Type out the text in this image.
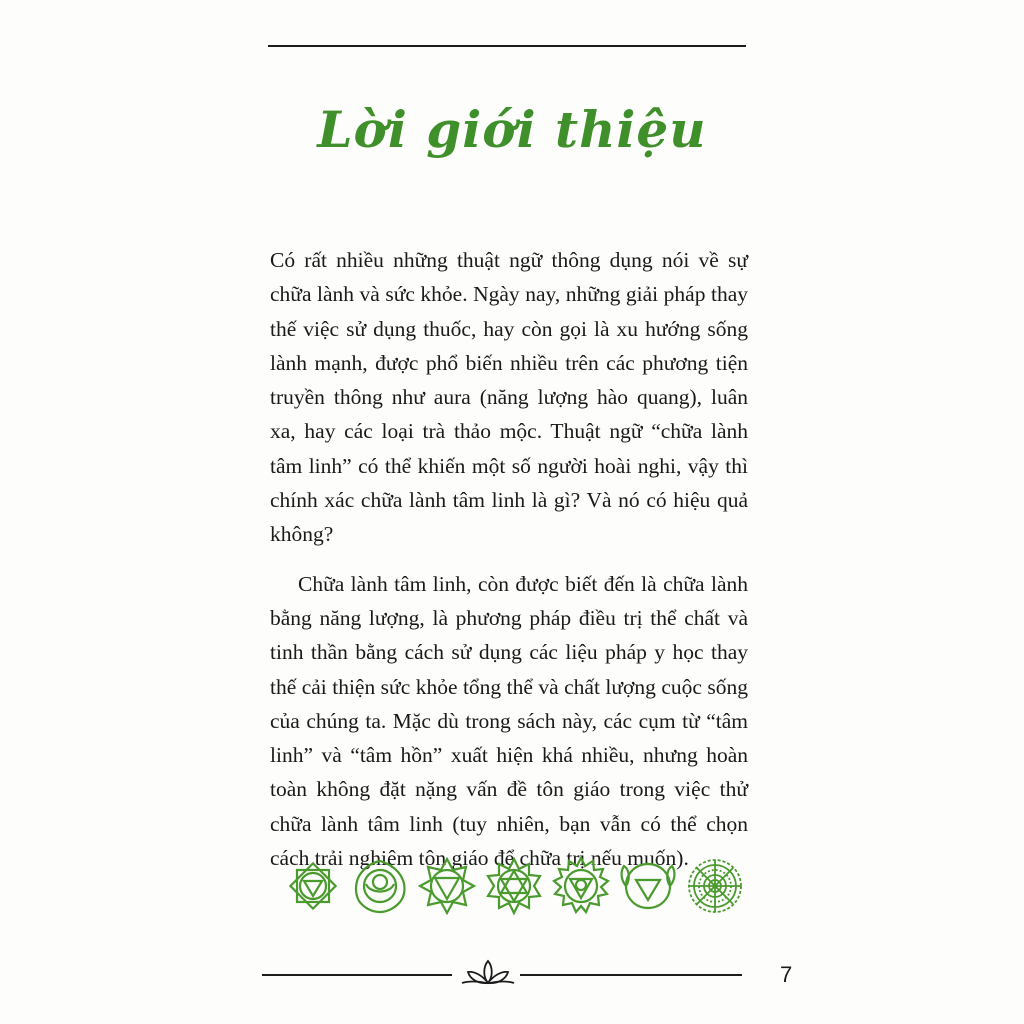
Lời giới thiệu

Có rất nhiều những thuật ngữ thông dụng nói về sự chữa lành và sức khỏe. Ngày nay, những giải pháp thay thế việc sử dụng thuốc, hay còn gọi là xu hướng sống lành mạnh, được phổ biến nhiều trên các phương tiện truyền thông như aura (năng lượng hào quang), luân xa, hay các loại trà thảo mộc. Thuật ngữ “chữa lành tâm linh” có thể khiến một số người hoài nghi, vậy thì chính xác chữa lành tâm linh là gì? Và nó có hiệu quả không?

Chữa lành tâm linh, còn được biết đến là chữa lành bằng năng lượng, là phương pháp điều trị thể chất và tinh thần bằng cách sử dụng các liệu pháp y học thay thế cải thiện sức khỏe tổng thể và chất lượng cuộc sống của chúng ta. Mặc dù trong sách này, các cụm từ “tâm linh” và “tâm hồn” xuất hiện khá nhiều, nhưng hoàn toàn không đặt nặng vấn đề tôn giáo trong việc thử chữa lành tâm linh (tuy nhiên, bạn vẫn có thể chọn cách trải nghiệm tôn giáo để chữa trị nếu muốn).

7
